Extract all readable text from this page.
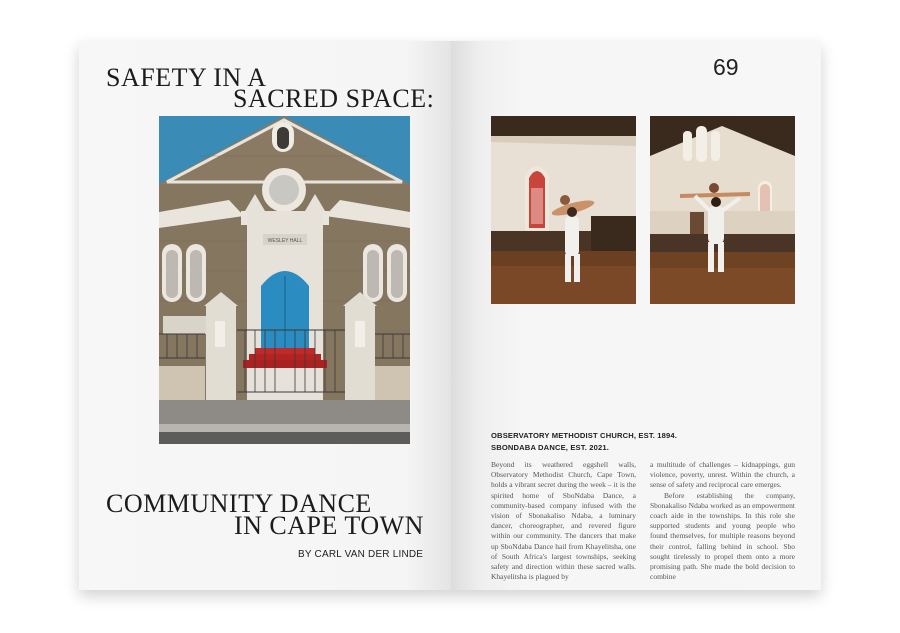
SAFETY IN A
SACRED SPACE:
WESLEY HALL
COMMUNITY DANCE
IN CAPE TOWN
BY CARL VAN DER LINDE
69
OBSERVATORY METHODIST CHURCH, EST. 1894.
SBONDABA DANCE, EST. 2021.

Beyond its weathered eggshell walls, Observatory Methodist Church, Cape Town, holds a vibrant secret during the week – it is the spirited home of SboNdaba Dance, a community-based company infused with the vision of Sbonakaliso Ndaba, a luminary dancer, choreographer, and revered figure within our community. The dancers that make up SboNdaba Dance hail from Khayelitsha, one of South Africa's largest townships, seeking safety and direction within these sacred walls. Khayelitsha is plagued by

a multitude of challenges – kidnappings, gun violence, poverty, unrest. Within the church, a sense of safety and reciprocal care emerges.

Before establishing the company, Sbonakaliso Ndaba worked as an empowerment coach aide in the townships. In this role she supported students and young people who found themselves, for multiple reasons beyond their control, falling behind in school. Sbo sought tirelessly to propel them onto a more promising path. She made the bold decision to combine
